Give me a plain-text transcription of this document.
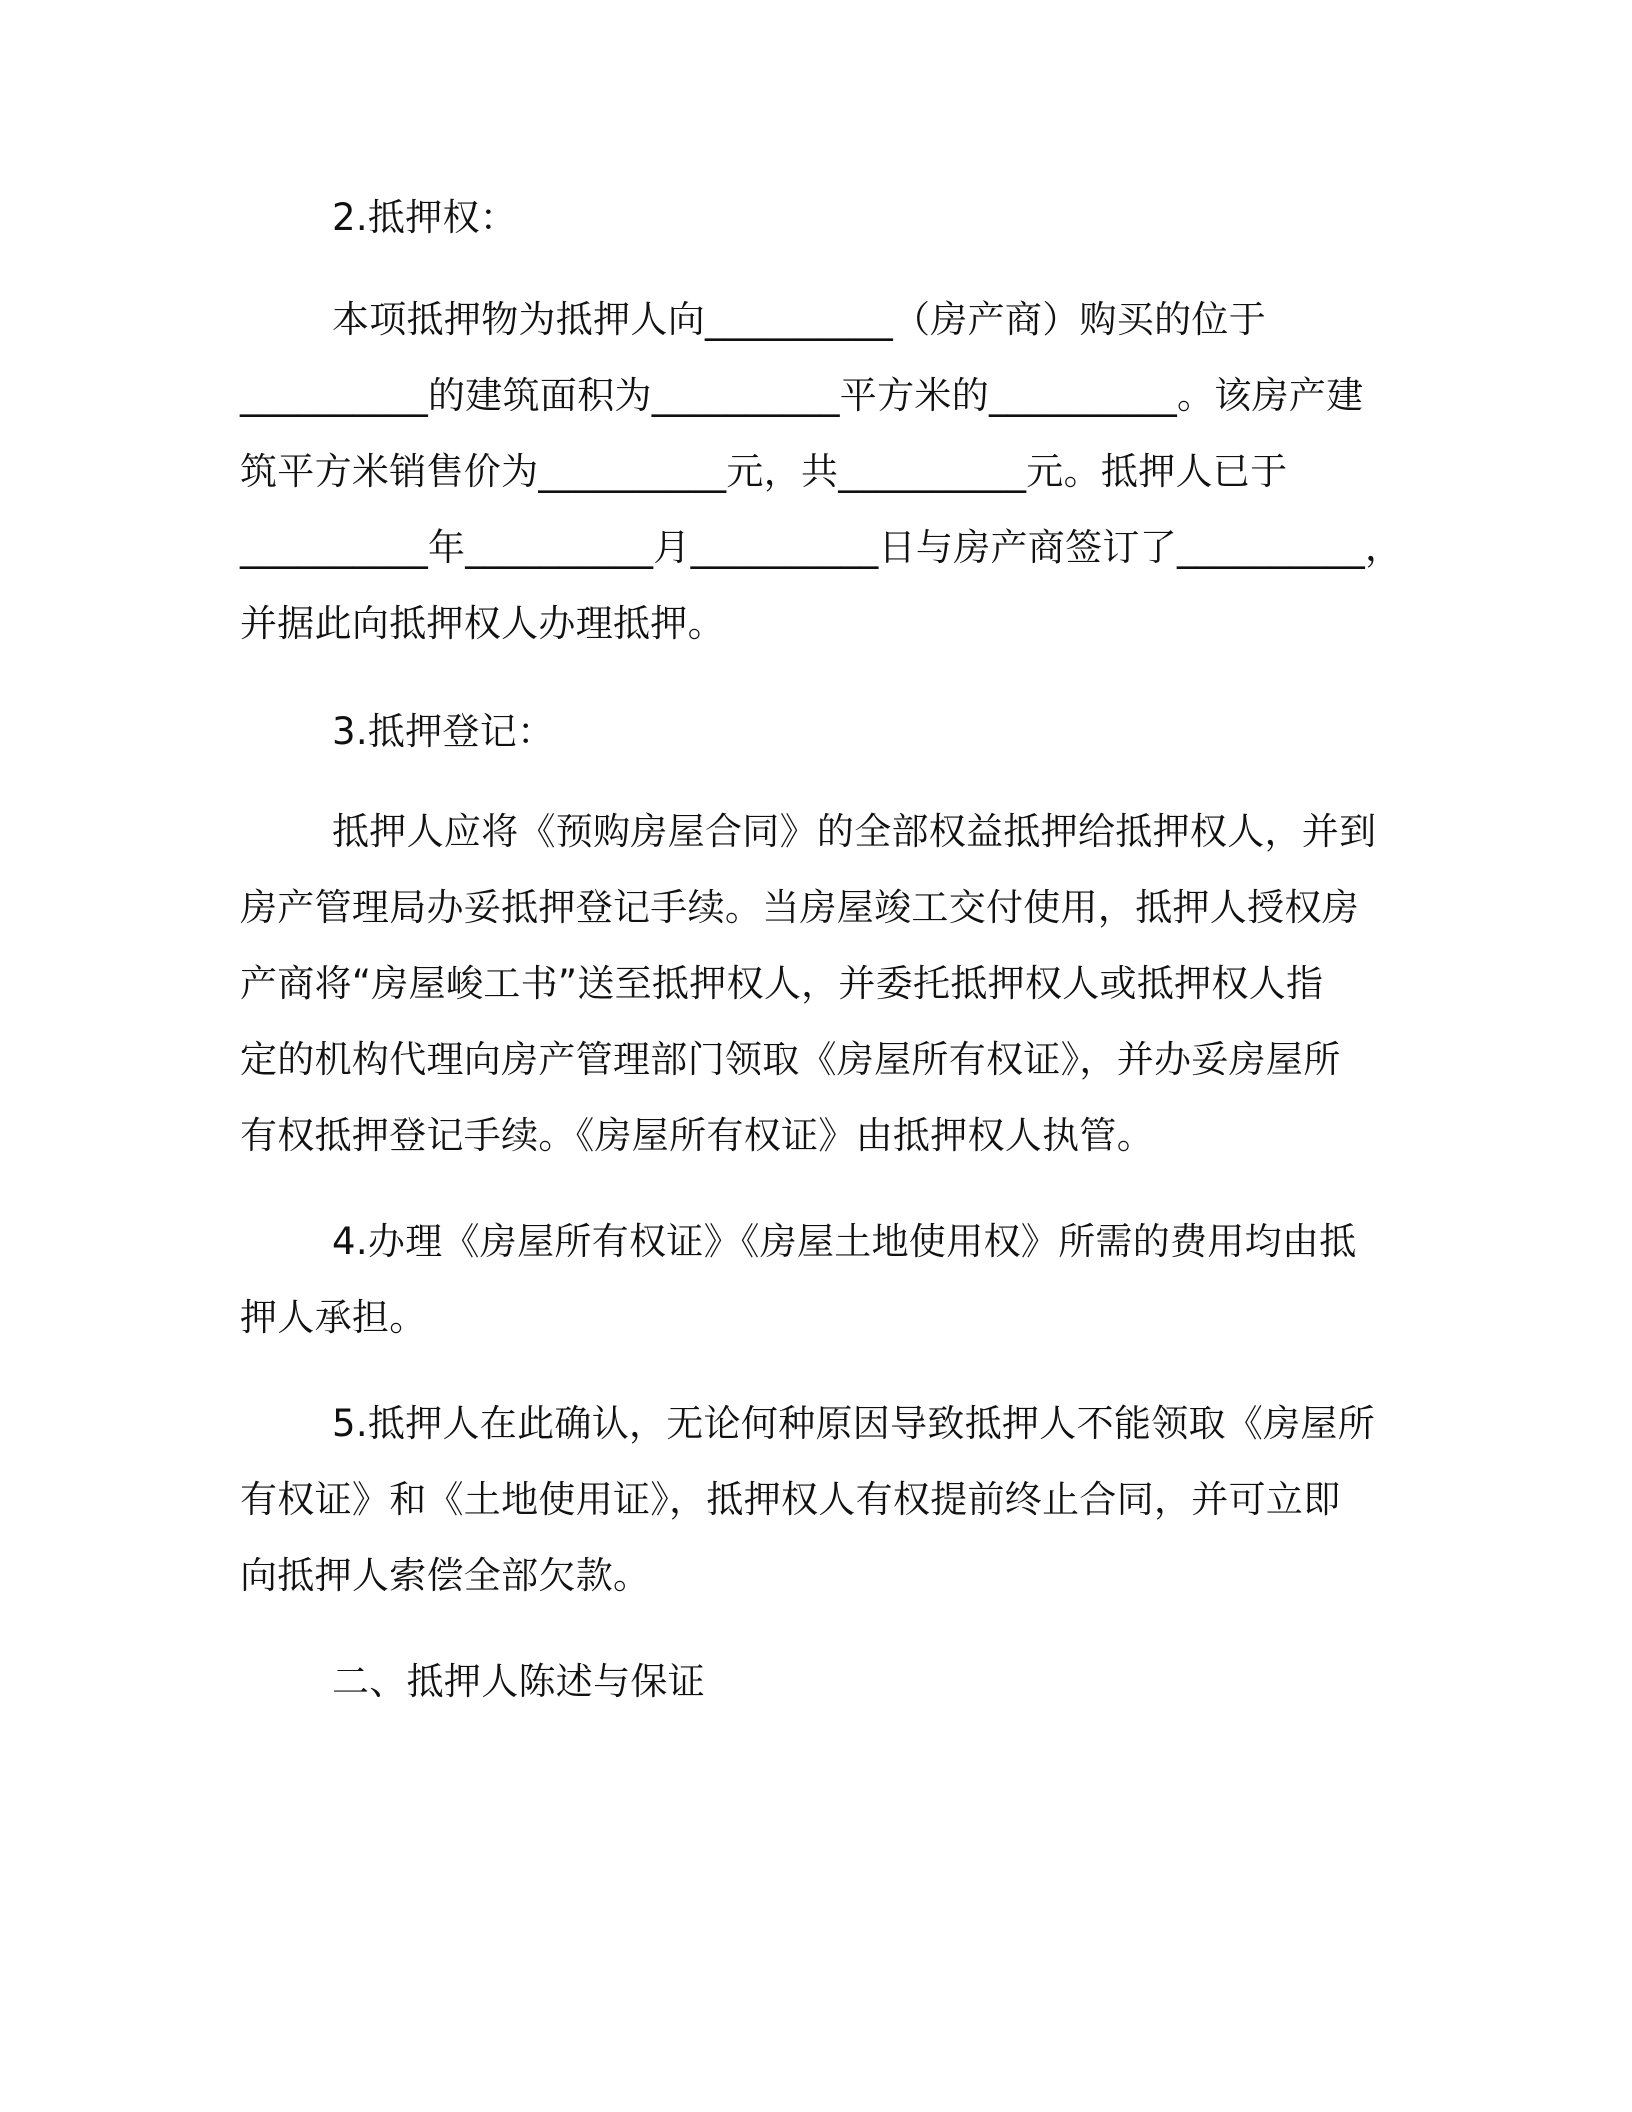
2.抵押权：
本项抵押物为抵押人向__________（房产商）购买的位于
__________的建筑面积为__________平方米的__________。该房产建
筑平方米销售价为__________元，共__________元。抵押人已于
__________年__________月__________日与房产商签订了__________，
并据此向抵押权人办理抵押。
3.抵押登记：
抵押人应将《预购房屋合同》的全部权益抵押给抵押权人，并到
房产管理局办妥抵押登记手续。当房屋竣工交付使用，抵押人授权房
产商将“房屋峻工书”送至抵押权人，并委托抵押权人或抵押权人指
定的机构代理向房产管理部门领取《房屋所有权证》，并办妥房屋所
有权抵押登记手续。《房屋所有权证》由抵押权人执管。
4.办理《房屋所有权证》《房屋土地使用权》所需的费用均由抵
押人承担。
5.抵押人在此确认，无论何种原因导致抵押人不能领取《房屋所
有权证》和《土地使用证》，抵押权人有权提前终止合同，并可立即
向抵押人索偿全部欠款。
二、抵押人陈述与保证
